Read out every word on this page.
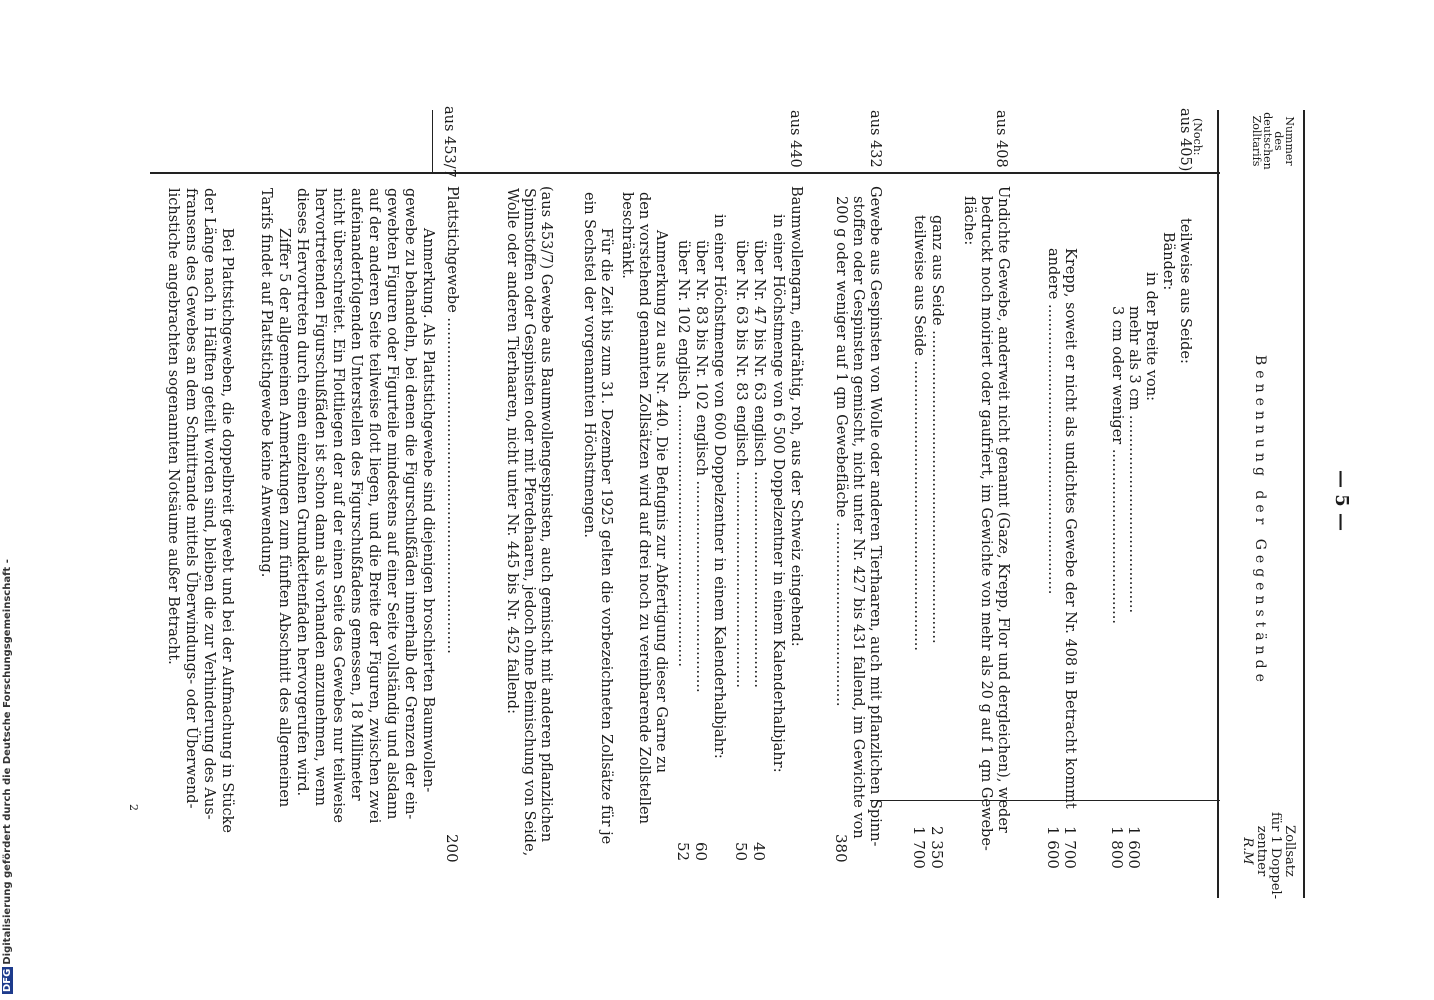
— 5 —
Nummer
des
deutschen
Zolltarifs
Benennung der Gegenstände
Zollsatz
für 1 Doppel-
zentner
R.M
(Noch:
aus 405)
aus 408
aus 432
aus 440
aus 453/7
teilweise aus Seide:
Bänder:
in der Breite von:
mehr als 3 cm ...........................................
3 cm oder weniger ......................................
Krepp, soweit er nicht als undichtes Gewebe der Nr. 408 in Betracht kommt
andere ...............................................................
Undichte Gewebe, anderweit nicht genannt (Gaze, Krepp, Flor und dergleichen), weder
bedruckt noch moiriert oder gaufriert, im Gewichte von mehr als 20 g auf 1 qm Gewebe-
fläche:
ganz aus Seide ....................................................................
teilweise aus Seide ...............................................................
Gewebe aus Gespinsten von Wolle oder anderen Tierhaaren, auch mit pflanzlichen Spinn-
stoffen oder Gespinsten gemischt, nicht unter Nr. 427 bis 431 fallend, im Gewichte von
200 g oder weniger auf 1 qm Gewebefläche ........................................
Baumwollengarn, eindrähtig, roh, aus der Schweiz eingehend:
in einer Höchstmenge von 6 500 Doppelzentner in einem Kalenderhalbjahr:
über Nr. 47 bis Nr. 63 englisch ...............................................
über Nr. 63 bis Nr. 83 englisch ...............................................
in einer Höchstmenge von 600 Doppelzentner in einem Kalenderhalbjahr:
über Nr. 83 bis Nr. 102 englisch ..............................................
über Nr. 102 englisch .........................................................
Anmerkung zu aus Nr. 440. Die Befugnis zur Abfertigung dieser Garne zu
den vorstehend genannten Zollsätzen wird auf drei noch zu vereinbarende Zollstellen
beschränkt.
Für die Zeit bis zum 31. Dezember 1925 gelten die vorbezeichneten Zollsätze für je
ein Sechstel der vorgenannten Höchstmengen.
(aus 453/7) Gewebe aus Baumwollengespinsten, auch gemischt mit anderen pflanzlichen
Spinnstoffen oder Gespinsten oder mit Pferdehaaren, jedoch ohne Beimischung von Seide,
Wolle oder anderen Tierhaaren, nicht unter Nr. 445 bis Nr. 452 fallend:
Plattstichgewebe .........................................................................
Anmerkung. Als Plattstichgewebe sind diejenigen broschierten Baumwollen-
gewebe zu behandeln, bei denen die Figurschußfäden innerhalb der Grenzen der ein-
gewebten Figuren oder Figurteile mindestens auf einer Seite vollständig und alsdann
auf der anderen Seite teilweise flott liegen, und die Breite der Figuren, zwischen zwei
aufeinanderfolgenden Unterstellen des Figurschußfadens gemessen, 18 Millimeter
nicht überschreitet. Ein Flottliegen der auf der einen Seite des Gewebes nur teilweise
hervortretenden Figurschußfäden ist schon dann als vorhanden anzunehmen, wenn
dieses Hervortreten durch einen einzelnen Grundkettenfaden hervorgerufen wird.
Ziffer 5 der allgemeinen Anmerkungen zum fünften Abschnitt des allgemeinen
Tarifs findet auf Plattstichgewebe keine Anwendung.
Bei Plattstichgeweben, die doppelbreit gewebt und bei der Aufmachung in Stücke
der Länge nach in Hälften geteilt worden sind, bleiben die zur Verhinderung des Aus-
fransens des Gewebes an dem Schnittrande mittels Überwindungs- oder Überwend-
lichstiche angebrachten sogenannten Notsäume außer Betracht.
1 600
1 800
1 700
1 600
2 350
1 700
380
40
50
60
52
200
2
DFGDigitalisierung gefördert durch die Deutsche Forschungsgemeinschaft -
